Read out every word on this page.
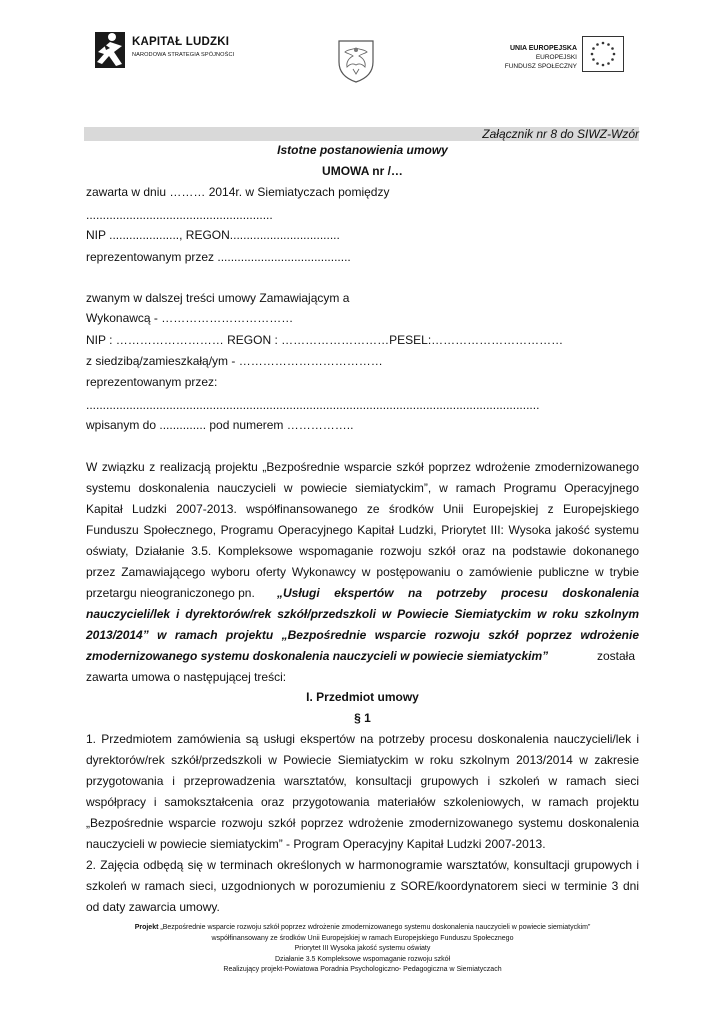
KAPITAŁ LUDZKI
NARODOWA STRATEGIA SPÓJNOŚCI
UNIA EUROPEJSKA
EUROPEJSKI
FUNDUSZ SPOŁECZNY
Załącznik nr 8 do SIWZ-Wzór
Istotne postanowienia umowy
UMOWA nr /…
zawarta w dniu ……… 2014r. w Siemiatyczach pomiędzy
........................................................
NIP ....................., REGON.................................
reprezentowanym przez ........................................
zwanym w dalszej treści umowy Zamawiającym a
Wykonawcą - ……………………………
NIP : ……………………… REGON : ………………………PESEL:……………………………
z siedzibą/zamieszkałą/ym - ………………………………
reprezentowanym przez:
........................................................................................................................................
wpisanym do .............. pod numerem ……………..
W związku z realizacją projektu „Bezpośrednie wsparcie szkół poprzez wdrożenie zmodernizowanego
systemu doskonalenia nauczycieli w powiecie siemiatyckim”, w ramach Programu Operacyjnego
Kapitał Ludzki 2007-2013. współfinansowanego ze środków Unii Europejskiej z Europejskiego
Funduszu Społecznego, Programu Operacyjnego Kapitał Ludzki, Priorytet III: Wysoka jakość systemu
oświaty, Działanie 3.5. Kompleksowe wspomaganie rozwoju szkół oraz na podstawie dokonanego
przez Zamawiającego wyboru oferty Wykonawcy w postępowaniu o zamówienie publiczne w trybie
przetargu nieograniczonego pn. „Usługi ekspertów na potrzeby procesu doskonalenia
nauczycieli/lek i dyrektorów/rek szkół/przedszkoli w Powiecie Siemiatyckim w roku szkolnym
2013/2014” w ramach projektu „Bezpośrednie wsparcie rozwoju szkół poprzez wdrożenie
zmodernizowanego systemu doskonalenia nauczycieli w powiecie siemiatyckim”	została
zawarta umowa o następującej treści:
I. Przedmiot umowy
§ 1
1. Przedmiotem zamówienia są usługi ekspertów na potrzeby procesu doskonalenia nauczycieli/lek i
dyrektorów/rek szkół/przedszkoli w Powiecie Siemiatyckim w roku szkolnym 2013/2014 w zakresie
przygotowania i przeprowadzenia warsztatów, konsultacji grupowych i szkoleń w ramach sieci
współpracy i samokształcenia oraz przygotowania materiałów szkoleniowych, w ramach projektu
„Bezpośrednie wsparcie rozwoju szkół poprzez wdrożenie zmodernizowanego systemu doskonalenia
nauczycieli w powiecie siemiatyckim” - Program Operacyjny Kapitał Ludzki 2007-2013.
2. Zajęcia odbędą się w terminach określonych w harmonogramie warsztatów, konsultacji grupowych i
szkoleń w ramach sieci, uzgodnionych w porozumieniu z SORE/koordynatorem sieci w terminie 3 dni
od daty zawarcia umowy.
Projekt „Bezpośrednie wsparcie rozwoju szkół poprzez wdrożenie zmodernizowanego systemu doskonalenia nauczycieli w powiecie siemiatyckim”
współfinansowany ze środków Unii Europejskiej w ramach Europejskiego Funduszu Społecznego
Priorytet III Wysoka jakość systemu oświaty
Działanie 3.5 Kompleksowe wspomaganie rozwoju szkół
Realizujący projekt-Powiatowa Poradnia Psychologiczno- Pedagogiczna w Siemiatyczach
